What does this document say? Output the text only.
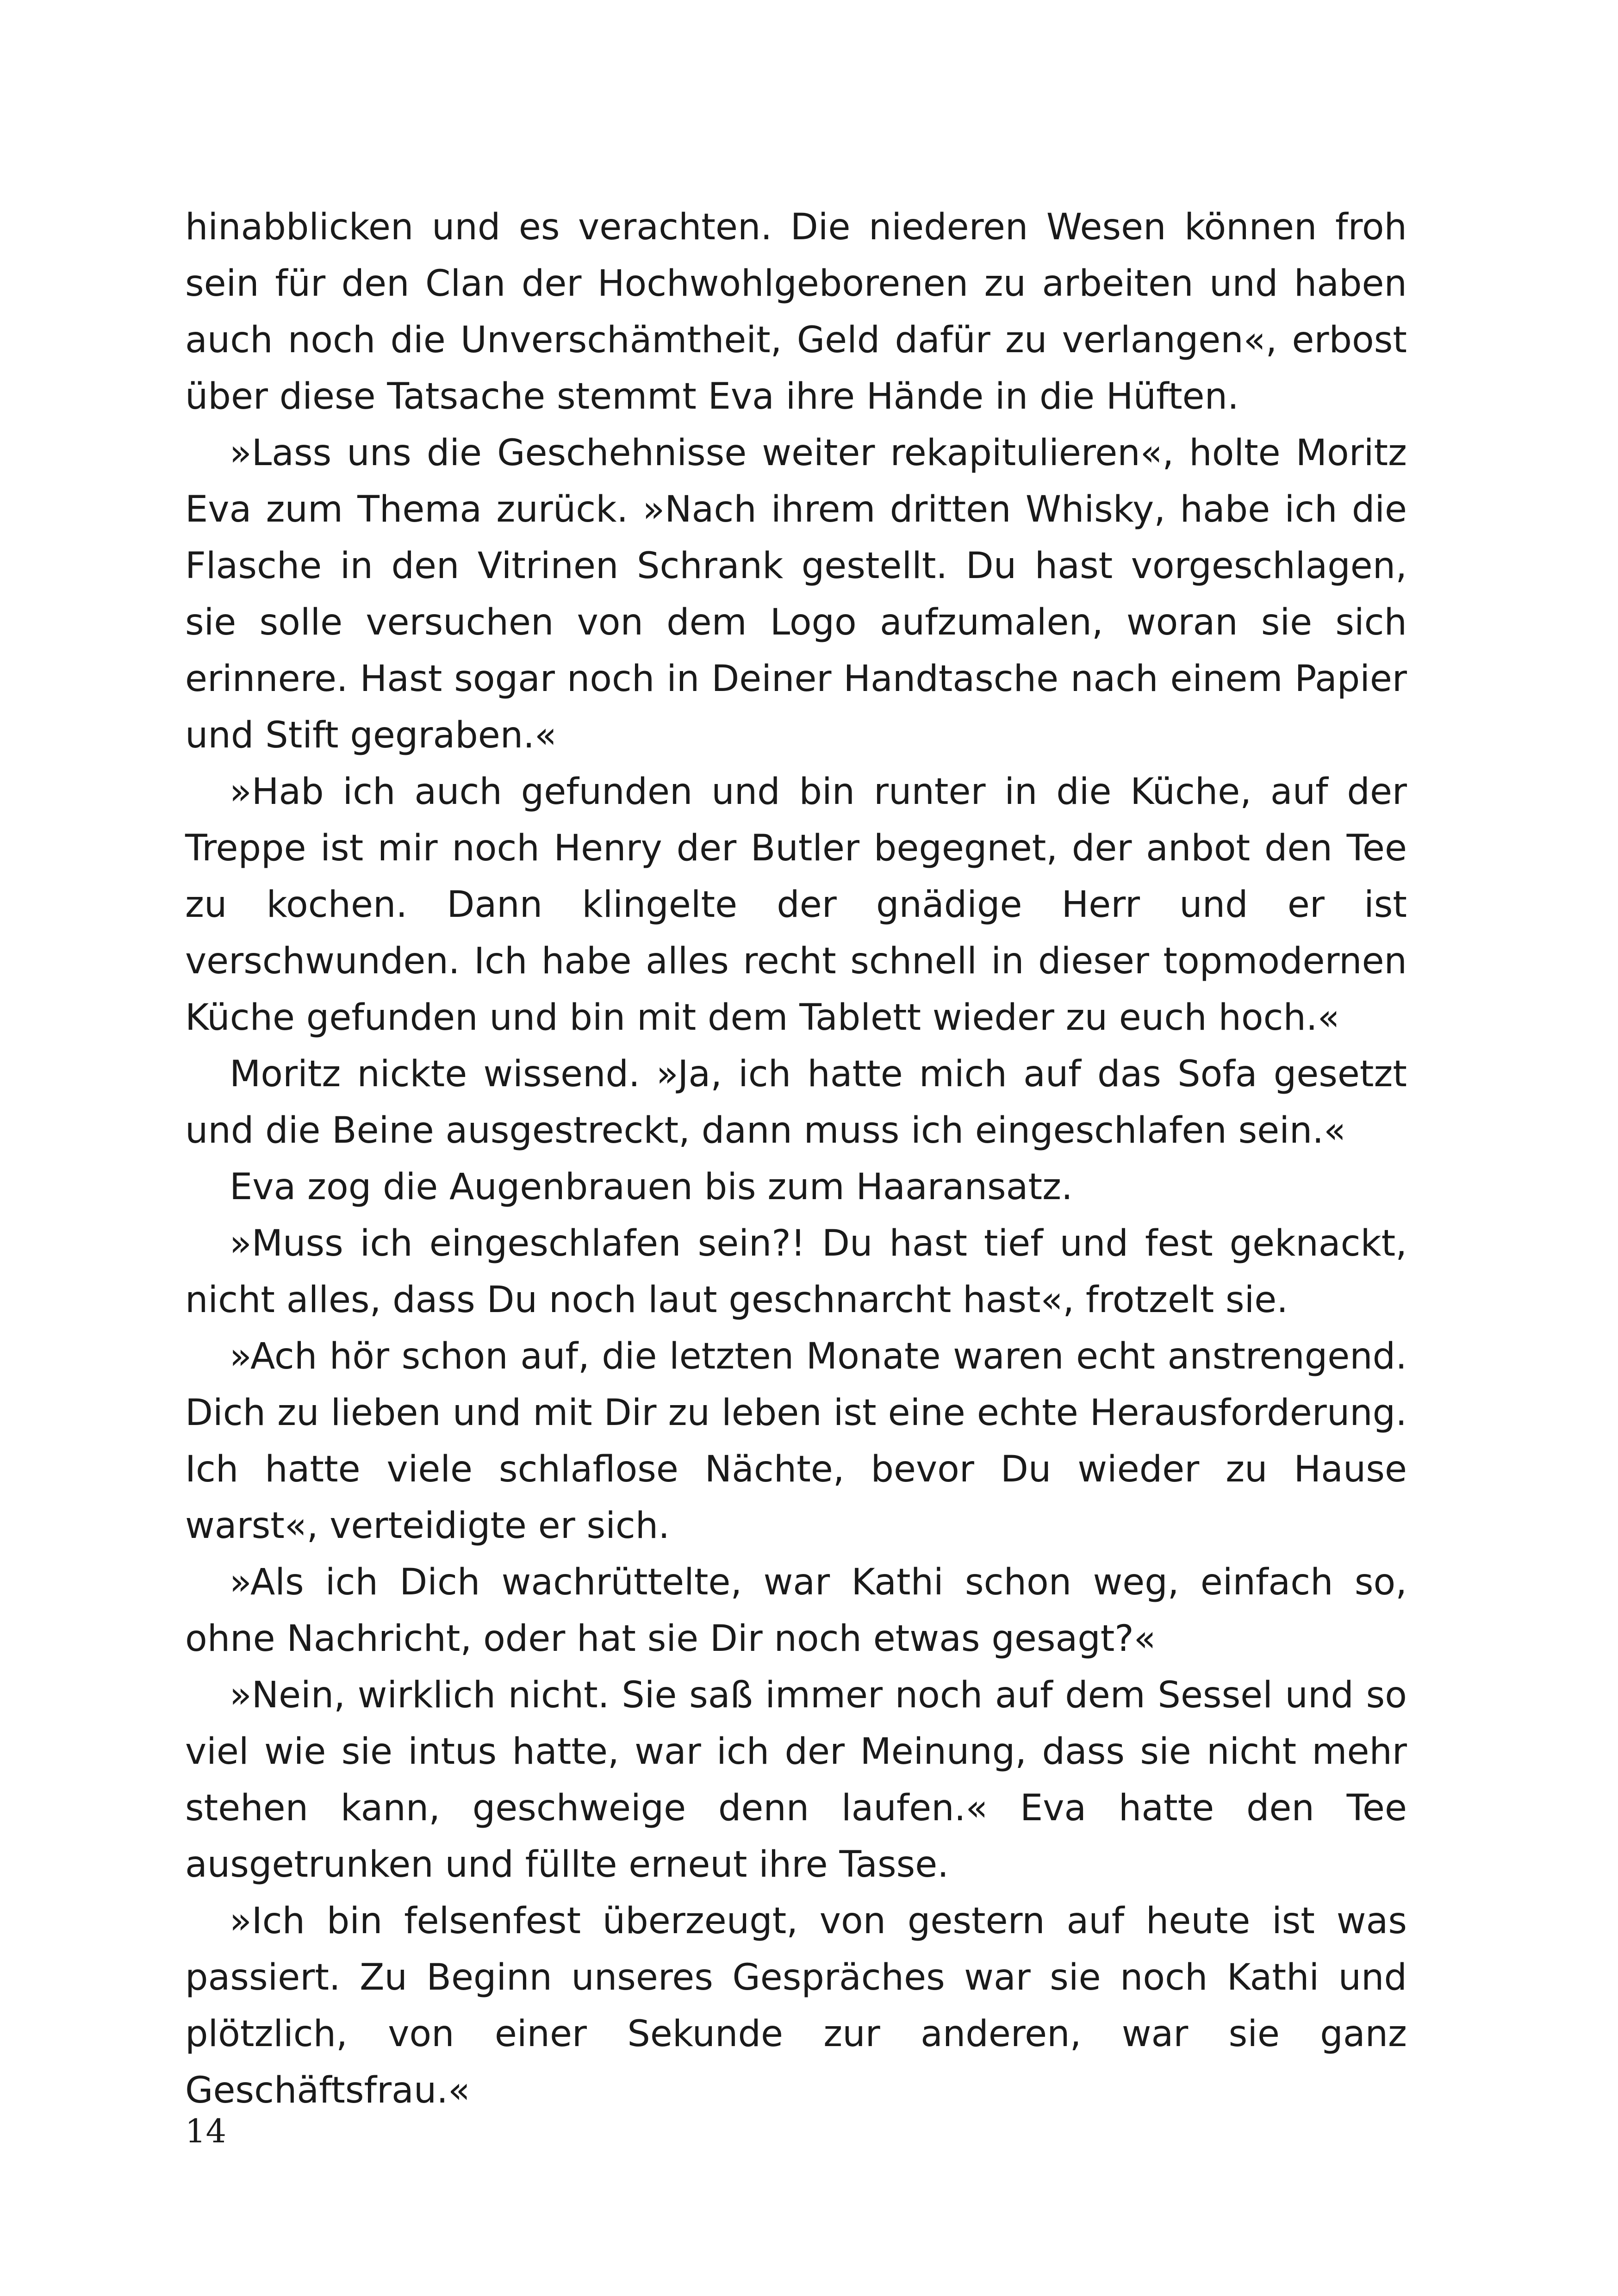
hinabblicken und es verachten. Die niederen Wesen können froh sein für den Clan der Hochwohlgeborenen zu arbeiten und haben auch noch die Unverschämtheit, Geld dafür zu verlangen«, erbost über diese Tatsache stemmt Eva ihre Hände in die Hüften.

»Lass uns die Geschehnisse weiter rekapitulieren«, holte Moritz Eva zum Thema zurück. »Nach ihrem dritten Whisky, habe ich die Flasche in den Vitrinen Schrank gestellt. Du hast vorgeschlagen, sie solle versuchen von dem Logo aufzumalen, woran sie sich erinnere. Hast sogar noch in Deiner Handtasche nach einem Papier und Stift gegraben.«

»Hab ich auch gefunden und bin runter in die Küche, auf der Treppe ist mir noch Henry der Butler begegnet, der anbot den Tee zu kochen. Dann klingelte der gnädige Herr und er ist verschwunden. Ich habe alles recht schnell in dieser topmodernen Küche gefunden und bin mit dem Tablett wieder zu euch hoch.«

Moritz nickte wissend. »Ja, ich hatte mich auf das Sofa gesetzt und die Beine ausgestreckt, dann muss ich eingeschlafen sein.«

Eva zog die Augenbrauen bis zum Haaransatz.

»Muss ich eingeschlafen sein?! Du hast tief und fest geknackt, nicht alles, dass Du noch laut geschnarcht hast«, frotzelt sie.

»Ach hör schon auf, die letzten Monate waren echt anstrengend. Dich zu lieben und mit Dir zu leben ist eine echte Herausforderung. Ich hatte viele schlaflose Nächte, bevor Du wieder zu Hause warst«, verteidigte er sich.

»Als ich Dich wachrüttelte, war Kathi schon weg, einfach so, ohne Nachricht, oder hat sie Dir noch etwas gesagt?«

»Nein, wirklich nicht. Sie saß immer noch auf dem Sessel und so viel wie sie intus hatte, war ich der Meinung, dass sie nicht mehr stehen kann, geschweige denn laufen.« Eva hatte den Tee ausgetrunken und füllte erneut ihre Tasse.

»Ich bin felsenfest überzeugt, von gestern auf heute ist was passiert. Zu Beginn unseres Gespräches war sie noch Kathi und plötzlich, von einer Sekunde zur anderen, war sie ganz Geschäftsfrau.«

14
